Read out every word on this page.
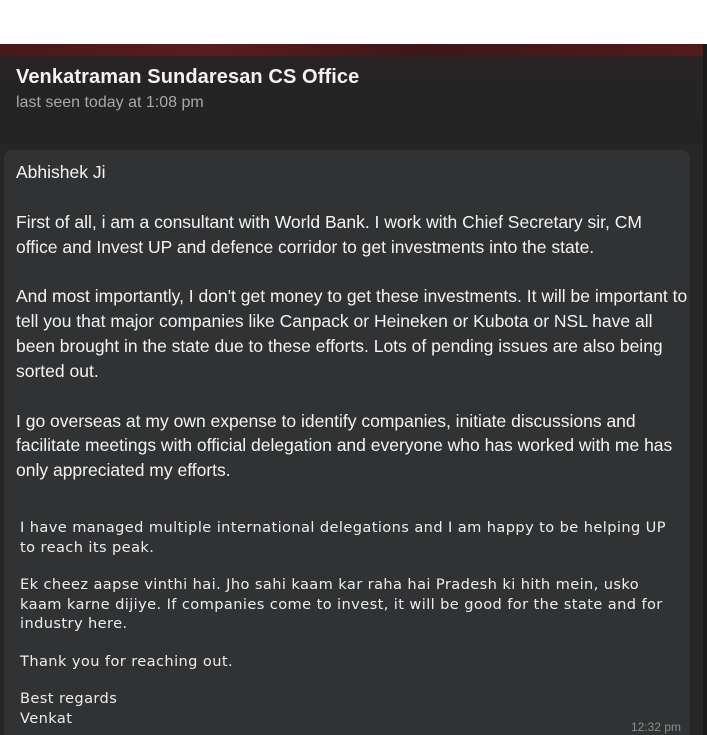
Venkatraman Sundaresan CS Office
last seen today at 1:08 pm

Abhishek Ji

First of all, i am a consultant with World Bank. I work with Chief Secretary sir, CM office and Invest UP and defence corridor to get investments into the state.

And most importantly, I don't get money to get these investments. It will be important to tell you that major companies like Canpack or Heineken or Kubota or NSL have all been brought in the state due to these efforts. Lots of pending issues are also being sorted out.

I go overseas at my own expense to identify companies, initiate discussions and facilitate meetings with official delegation and everyone who has worked with me has only appreciated my efforts.

I have managed multiple international delegations and I am happy to be helping UP to reach its peak.

Ek cheez aapse vinthi hai. Jho sahi kaam kar raha hai Pradesh ki hith mein, usko kaam karne dijiye. If companies come to invest, it will be good for the state and for industry here.

Thank you for reaching out.

Best regards

Venkat

12:32 pm
